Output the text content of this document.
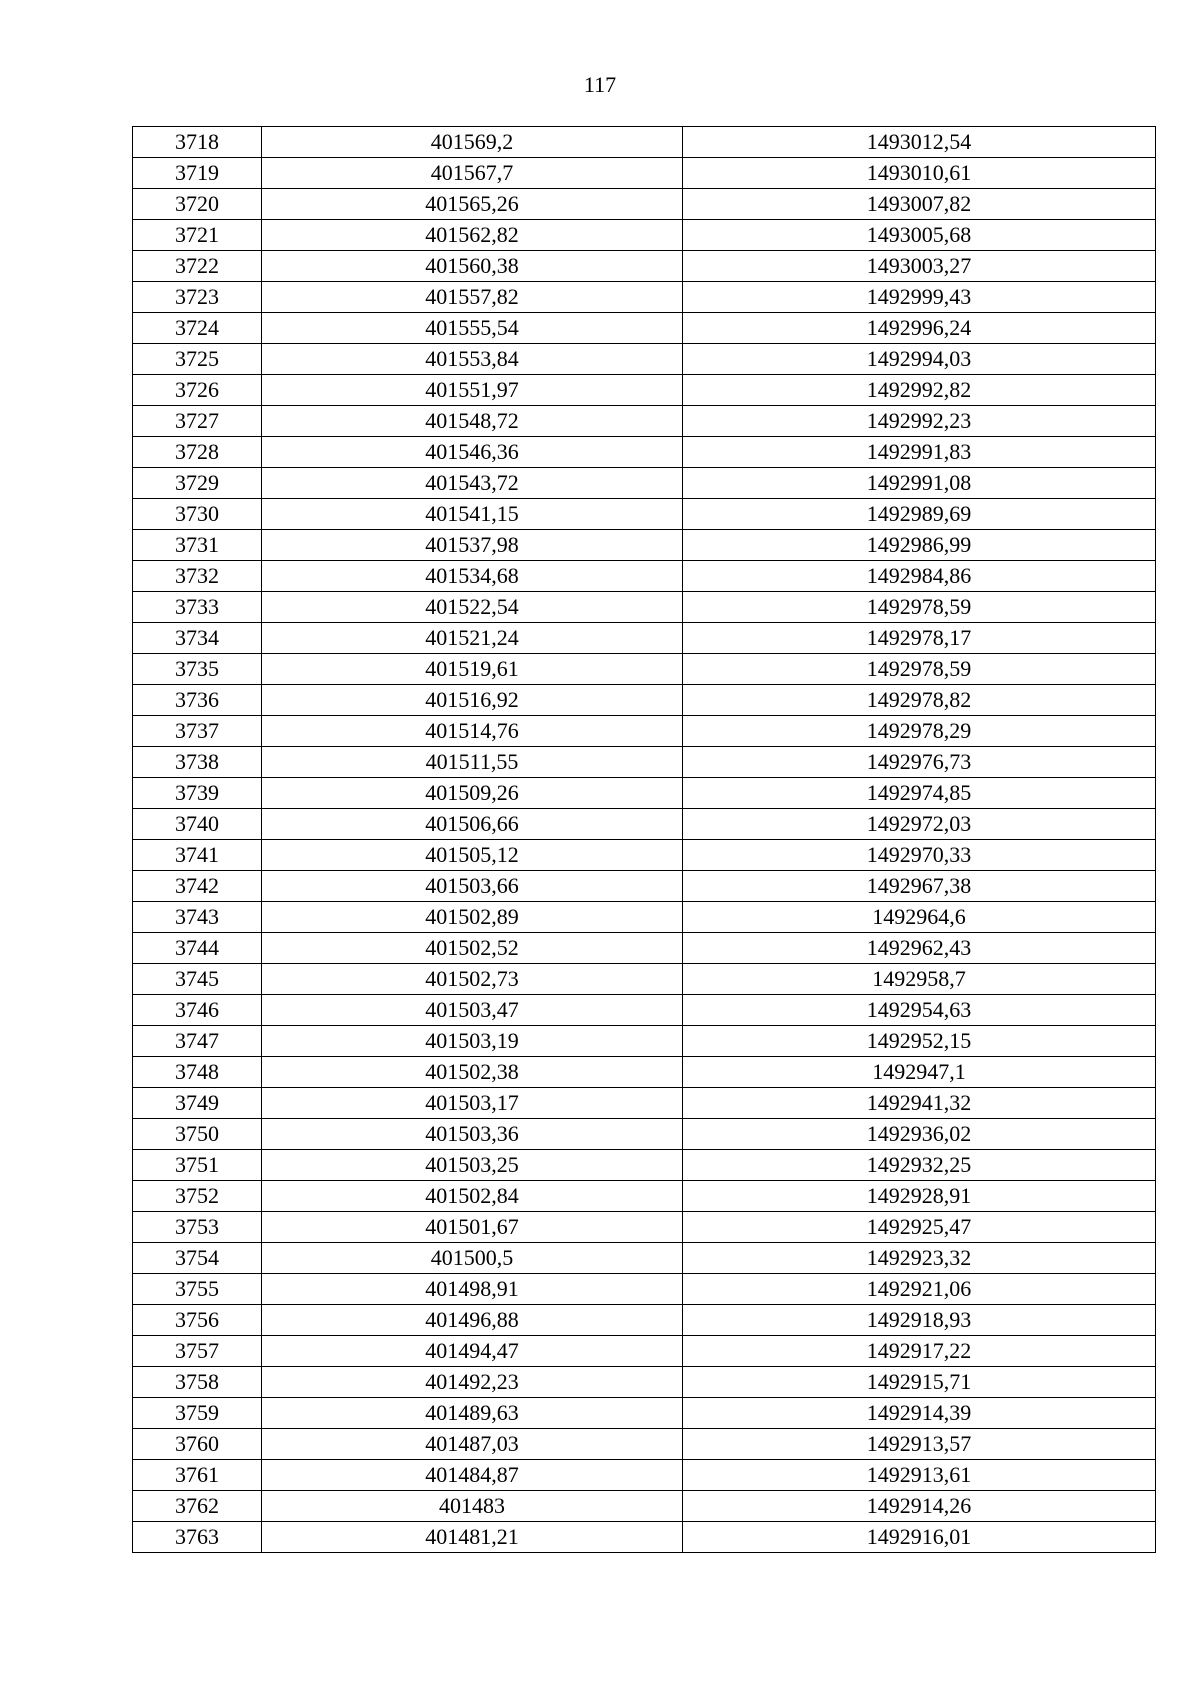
117
3718	401569,2	1493012,54
3719	401567,7	1493010,61
3720	401565,26	1493007,82
3721	401562,82	1493005,68
3722	401560,38	1493003,27
3723	401557,82	1492999,43
3724	401555,54	1492996,24
3725	401553,84	1492994,03
3726	401551,97	1492992,82
3727	401548,72	1492992,23
3728	401546,36	1492991,83
3729	401543,72	1492991,08
3730	401541,15	1492989,69
3731	401537,98	1492986,99
3732	401534,68	1492984,86
3733	401522,54	1492978,59
3734	401521,24	1492978,17
3735	401519,61	1492978,59
3736	401516,92	1492978,82
3737	401514,76	1492978,29
3738	401511,55	1492976,73
3739	401509,26	1492974,85
3740	401506,66	1492972,03
3741	401505,12	1492970,33
3742	401503,66	1492967,38
3743	401502,89	1492964,6
3744	401502,52	1492962,43
3745	401502,73	1492958,7
3746	401503,47	1492954,63
3747	401503,19	1492952,15
3748	401502,38	1492947,1
3749	401503,17	1492941,32
3750	401503,36	1492936,02
3751	401503,25	1492932,25
3752	401502,84	1492928,91
3753	401501,67	1492925,47
3754	401500,5	1492923,32
3755	401498,91	1492921,06
3756	401496,88	1492918,93
3757	401494,47	1492917,22
3758	401492,23	1492915,71
3759	401489,63	1492914,39
3760	401487,03	1492913,57
3761	401484,87	1492913,61
3762	401483	1492914,26
3763	401481,21	1492916,01
